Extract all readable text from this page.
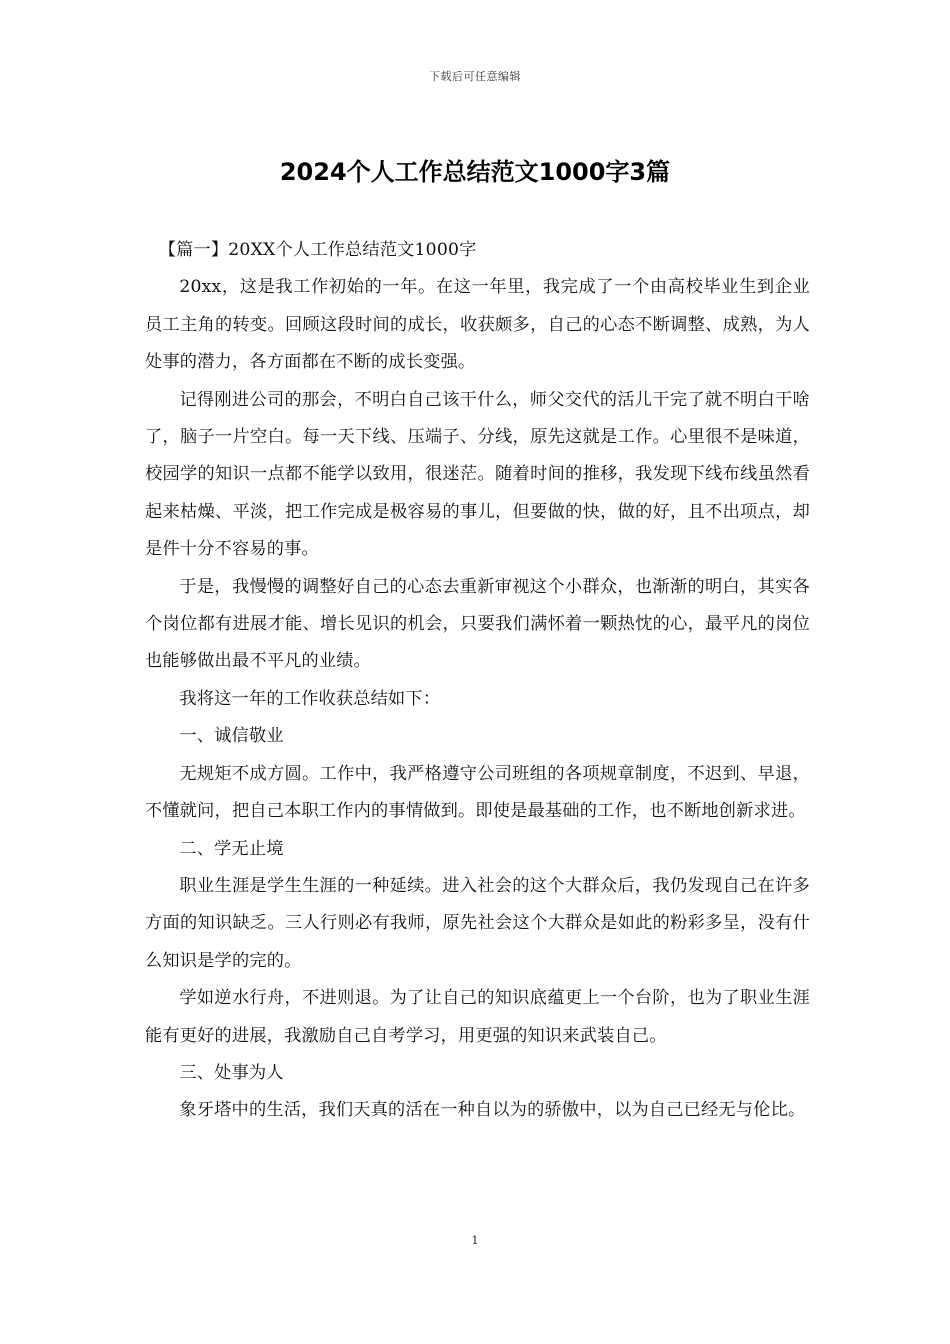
下载后可任意编辑
2024个人工作总结范文1000字3篇

【篇一】20XX个人工作总结范文1000字

20xx，这是我工作初始的一年。在这一年里，我完成了一个由高校毕业生到企业员工主角的转变。回顾这段时间的成长，收获颇多，自己的心态不断调整、成熟，为人处事的潜力，各方面都在不断的成长变强。

记得刚进公司的那会，不明白自己该干什么，师父交代的活儿干完了就不明白干啥了，脑子一片空白。每一天下线、压端子、分线，原先这就是工作。心里很不是味道，校园学的知识一点都不能学以致用，很迷茫。随着时间的推移，我发现下线布线虽然看起来枯燥、平淡，把工作完成是极容易的事儿，但要做的快，做的好，且不出项点，却是件十分不容易的事。

于是，我慢慢的调整好自己的心态去重新审视这个小群众，也渐渐的明白，其实各个岗位都有进展才能、增长见识的机会，只要我们满怀着一颗热忱的心，最平凡的岗位也能够做出最不平凡的业绩。

我将这一年的工作收获总结如下：

一、诚信敬业

无规矩不成方圆。工作中，我严格遵守公司班组的各项规章制度，不迟到、早退，不懂就问，把自己本职工作内的事情做到。即使是最基础的工作，也不断地创新求进。

二、学无止境

职业生涯是学生生涯的一种延续。进入社会的这个大群众后，我仍发现自己在许多方面的知识缺乏。三人行则必有我师，原先社会这个大群众是如此的粉彩多呈，没有什么知识是学的完的。

学如逆水行舟，不进则退。为了让自己的知识底蕴更上一个台阶，也为了职业生涯能有更好的进展，我激励自己自考学习，用更强的知识来武装自己。

三、处事为人

象牙塔中的生活，我们天真的活在一种自以为的骄傲中，以为自己已经无与伦比。

1
